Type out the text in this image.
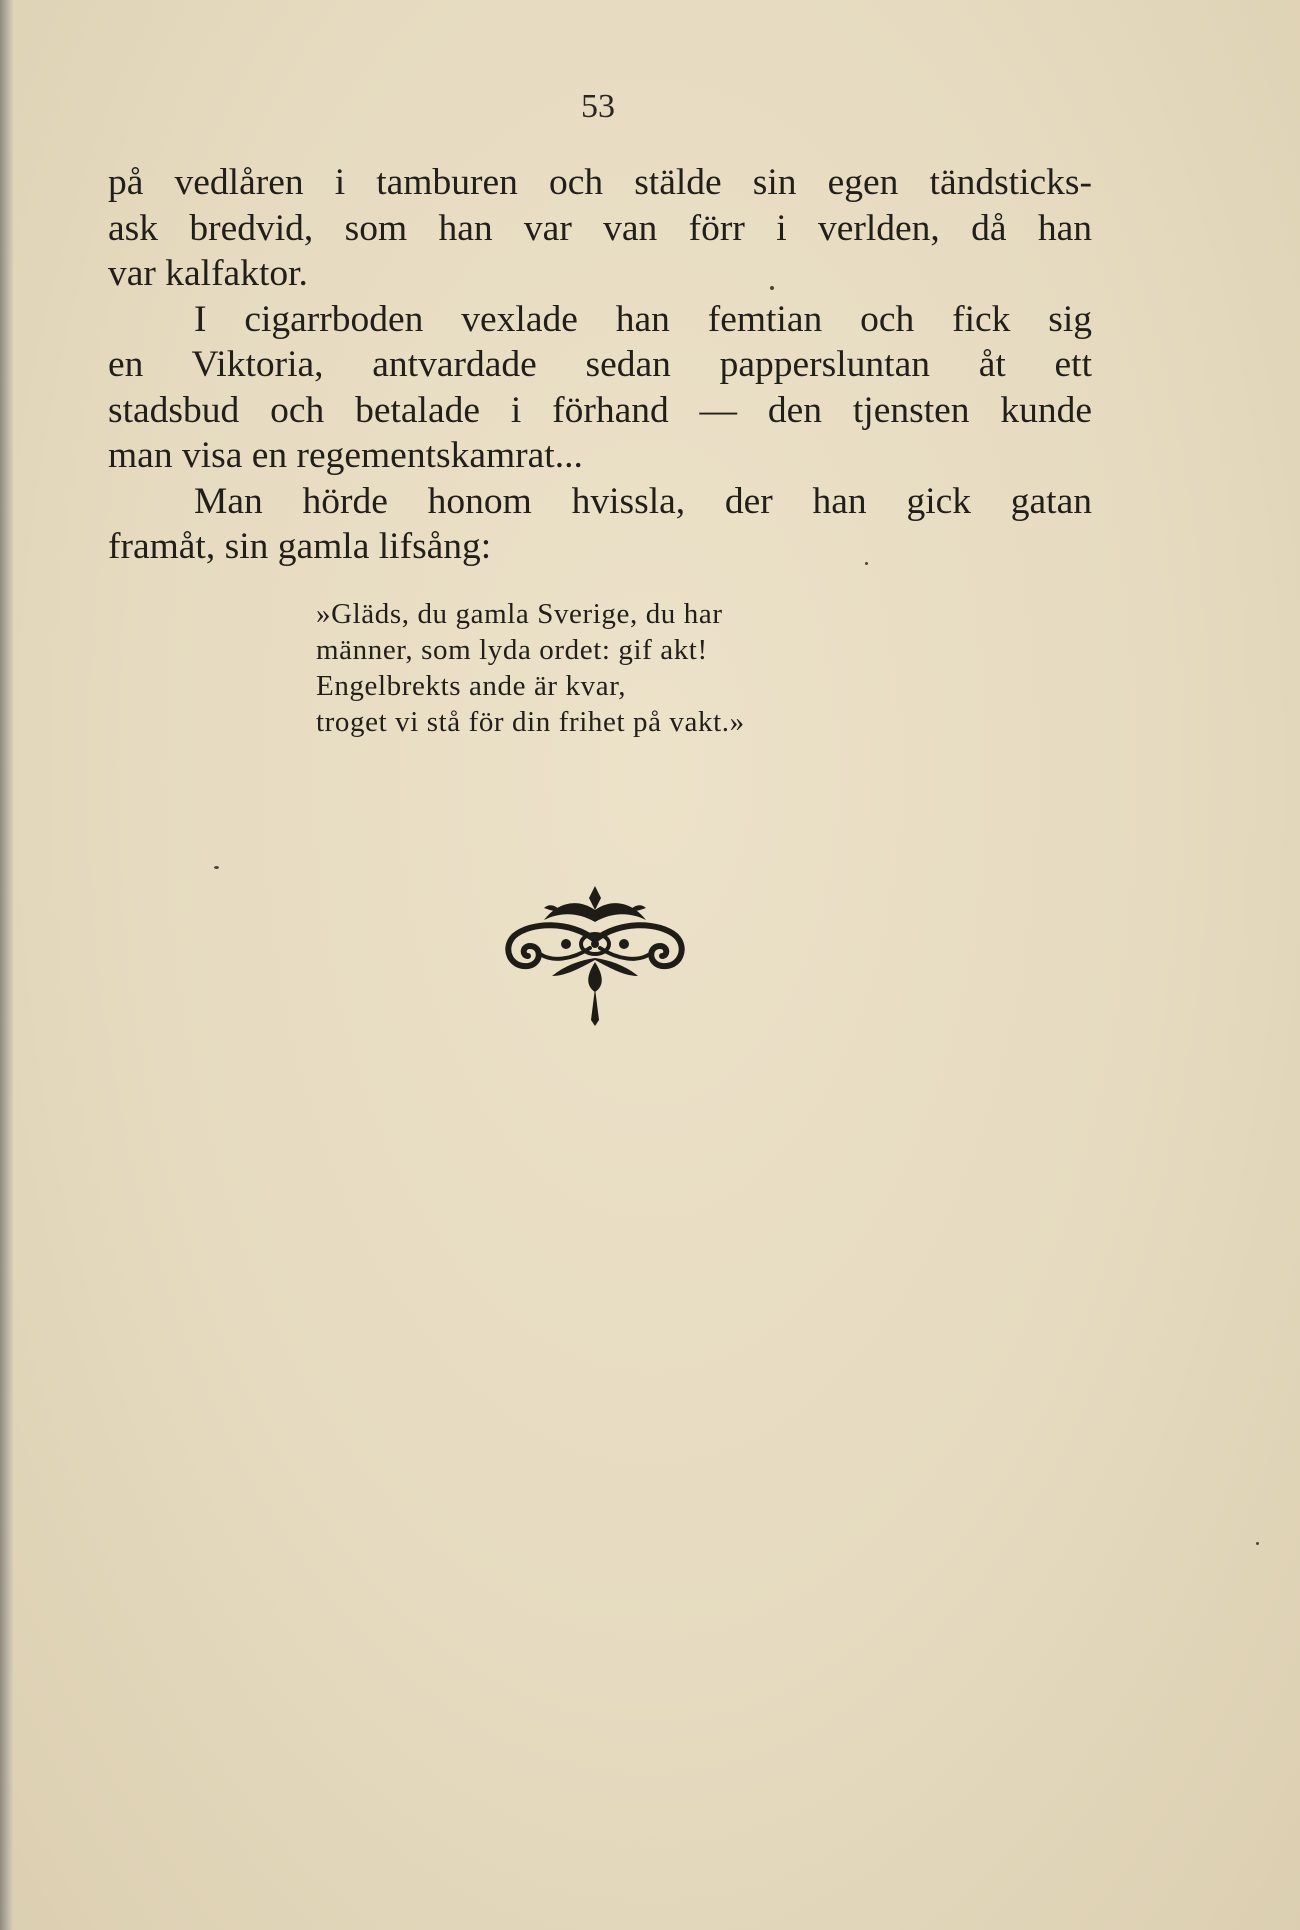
53
på vedlåren i tamburen och stälde sin egen tändsticks-
ask bredvid, som han var van förr i verlden, då han
var kalfaktor.
I cigarrboden vexlade han femtian och fick sig
en Viktoria, antvardade sedan pappersluntan åt ett
stadsbud och betalade i förhand — den tjensten kunde
man visa en regementskamrat...
Man hörde honom hvissla, der han gick gatan
framåt, sin gamla lifsång:
»Gläds, du gamla Sverige, du har
männer, som lyda ordet: gif akt!
Engelbrekts ande är kvar,
troget vi stå för din frihet på vakt.»
